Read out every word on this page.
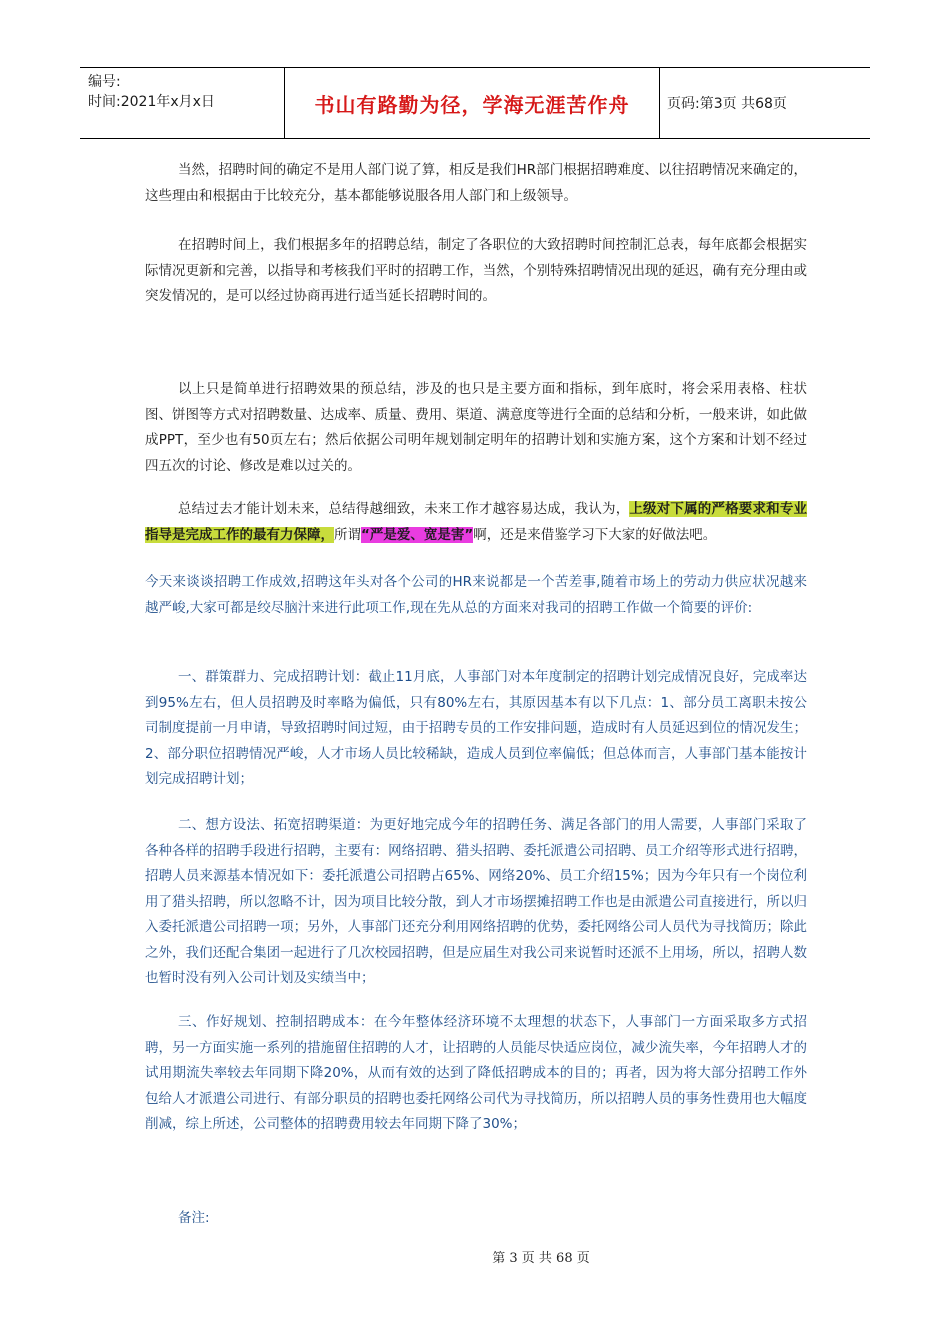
编号:
时间:2021年x月x日	书山有路勤为径，学海无涯苦作舟	页码:第3页 共68页

当然，招聘时间的确定不是用人部门说了算，相反是我们HR部门根据招聘难度、以往招聘情况来确定的，这些理由和根据由于比较充分，基本都能够说服各用人部门和上级领导。

在招聘时间上，我们根据多年的招聘总结，制定了各职位的大致招聘时间控制汇总表，每年底都会根据实际情况更新和完善，以指导和考核我们平时的招聘工作，当然，个别特殊招聘情况出现的延迟，确有充分理由或突发情况的，是可以经过协商再进行适当延长招聘时间的。

以上只是简单进行招聘效果的预总结，涉及的也只是主要方面和指标，到年底时，将会采用表格、柱状图、饼图等方式对招聘数量、达成率、质量、费用、渠道、满意度等进行全面的总结和分析，一般来讲，如此做成PPT，至少也有50页左右；然后依据公司明年规划制定明年的招聘计划和实施方案，这个方案和计划不经过四五次的讨论、修改是难以过关的。

总结过去才能计划未来，总结得越细致，未来工作才越容易达成，我认为，上级对下属的严格要求和专业指导是完成工作的最有力保障，所谓“严是爱、宽是害”啊，还是来借鉴学习下大家的好做法吧。

今天来谈谈招聘工作成效,招聘这年头对各个公司的HR来说都是一个苦差事,随着市场上的劳动力供应状况越来越严峻,大家可都是绞尽脑汁来进行此项工作,现在先从总的方面来对我司的招聘工作做一个简要的评价:

一、群策群力、完成招聘计划：截止11月底，人事部门对本年度制定的招聘计划完成情况良好，完成率达到95%左右，但人员招聘及时率略为偏低，只有80%左右，其原因基本有以下几点：1、部分员工离职未按公司制度提前一月申请，导致招聘时间过短，由于招聘专员的工作安排问题，造成时有人员延迟到位的情况发生；2、部分职位招聘情况严峻，人才市场人员比较稀缺，造成人员到位率偏低；但总体而言，人事部门基本能按计划完成招聘计划；

二、想方设法、拓宽招聘渠道：为更好地完成今年的招聘任务、满足各部门的用人需要，人事部门采取了各种各样的招聘手段进行招聘，主要有：网络招聘、猎头招聘、委托派遣公司招聘、员工介绍等形式进行招聘，招聘人员来源基本情况如下：委托派遣公司招聘占65%、网络20%、员工介绍15%；因为今年只有一个岗位利用了猎头招聘，所以忽略不计，因为项目比较分散，到人才市场摆摊招聘工作也是由派遣公司直接进行，所以归入委托派遣公司招聘一项；另外，人事部门还充分利用网络招聘的优势，委托网络公司人员代为寻找简历；除此之外，我们还配合集团一起进行了几次校园招聘，但是应届生对我公司来说暂时还派不上用场，所以，招聘人数也暂时没有列入公司计划及实绩当中；

三、作好规划、控制招聘成本：在今年整体经济环境不太理想的状态下，人事部门一方面采取多方式招聘，另一方面实施一系列的措施留住招聘的人才，让招聘的人员能尽快适应岗位，减少流失率，今年招聘人才的试用期流失率较去年同期下降20%，从而有效的达到了降低招聘成本的目的；再者，因为将大部分招聘工作外包给人才派遣公司进行、有部分职员的招聘也委托网络公司代为寻找简历，所以招聘人员的事务性费用也大幅度削减，综上所述，公司整体的招聘费用较去年同期下降了30%；

备注:
第 3 页 共 68 页
